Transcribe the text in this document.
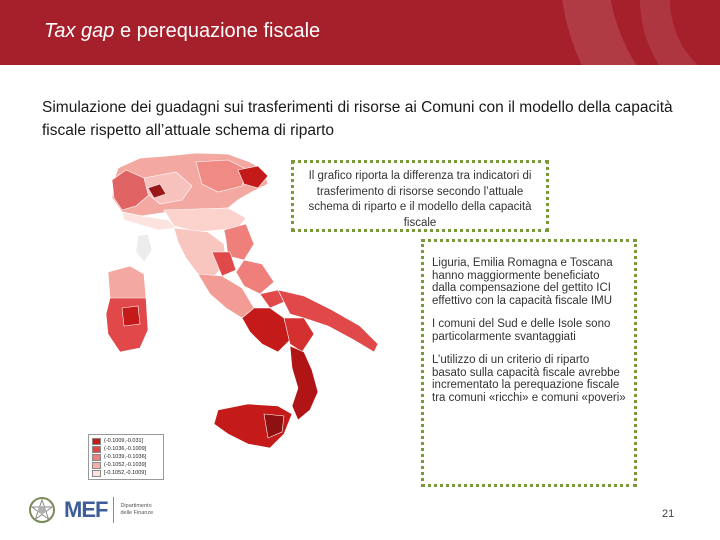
Tax gap e perequazione fiscale
Simulazione dei guadagni sui trasferimenti di risorse ai Comuni con il modello della capacità fiscale rispetto all’attuale schema di riparto
(-0.1009,-0.031]
(-0.1036,-0.1009]
(-0.1039,-0.1036]
(-0.1052,-0.1039]
[-0.1052,-0.1009]
Il grafico riporta la differenza tra indicatori di trasferimento di risorse secondo l’attuale schema di riparto e il modello della capacità fiscale

Liguria, Emilia Romagna e Toscana hanno maggiormente beneficiato dalla compensazione del gettito ICI effettivo con la capacità fiscale IMU

I comuni del Sud e delle Isole sono particolarmente svantaggiati

L’utilizzo di un criterio di riparto basato sulla capacità fiscale avrebbe incrementato la perequazione fiscale tra comuni «ricchi» e comuni «poveri»

MEF Dipartimento
delle Finanze	21
